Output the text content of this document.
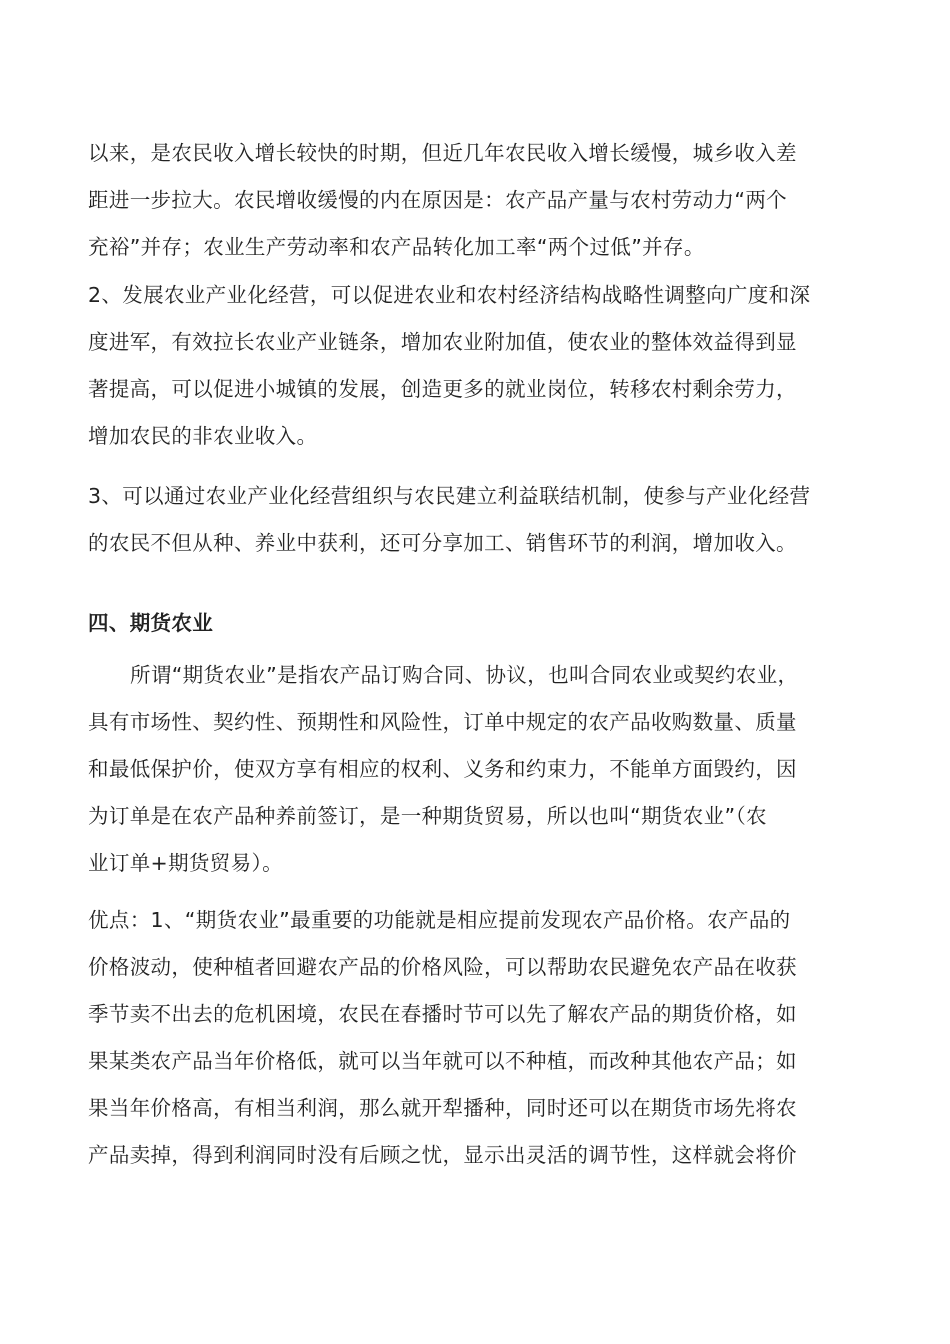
以来，是农民收入增长较快的时期，但近几年农民收入增长缓慢，城乡收入差
距进一步拉大。农民增收缓慢的内在原因是：农产品产量与农村劳动力“两个
充裕”并存；农业生产劳动率和农产品转化加工率“两个过低”并存。
2、发展农业产业化经营，可以促进农业和农村经济结构战略性调整向广度和深
度进军，有效拉长农业产业链条，增加农业附加值，使农业的整体效益得到显
著提高，可以促进小城镇的发展，创造更多的就业岗位，转移农村剩余劳力，
增加农民的非农业收入。
3、可以通过农业产业化经营组织与农民建立利益联结机制，使参与产业化经营
的农民不但从种、养业中获利，还可分享加工、销售环节的利润，增加收入。
四、期货农业
所谓“期货农业”是指农产品订购合同、协议，也叫合同农业或契约农业，
具有市场性、契约性、预期性和风险性，订单中规定的农产品收购数量、质量
和最低保护价，使双方享有相应的权利、义务和约束力，不能单方面毁约，因
为订单是在农产品种养前签订，是一种期货贸易，所以也叫“期货农业”（农
业订单+期货贸易）。
优点：1、“期货农业”最重要的功能就是相应提前发现农产品价格。农产品的
价格波动，使种植者回避农产品的价格风险，可以帮助农民避免农产品在收获
季节卖不出去的危机困境，农民在春播时节可以先了解农产品的期货价格，如
果某类农产品当年价格低，就可以当年就可以不种植，而改种其他农产品；如
果当年价格高，有相当利润，那么就开犁播种，同时还可以在期货市场先将农
产品卖掉，得到利润同时没有后顾之忧，显示出灵活的调节性，这样就会将价
